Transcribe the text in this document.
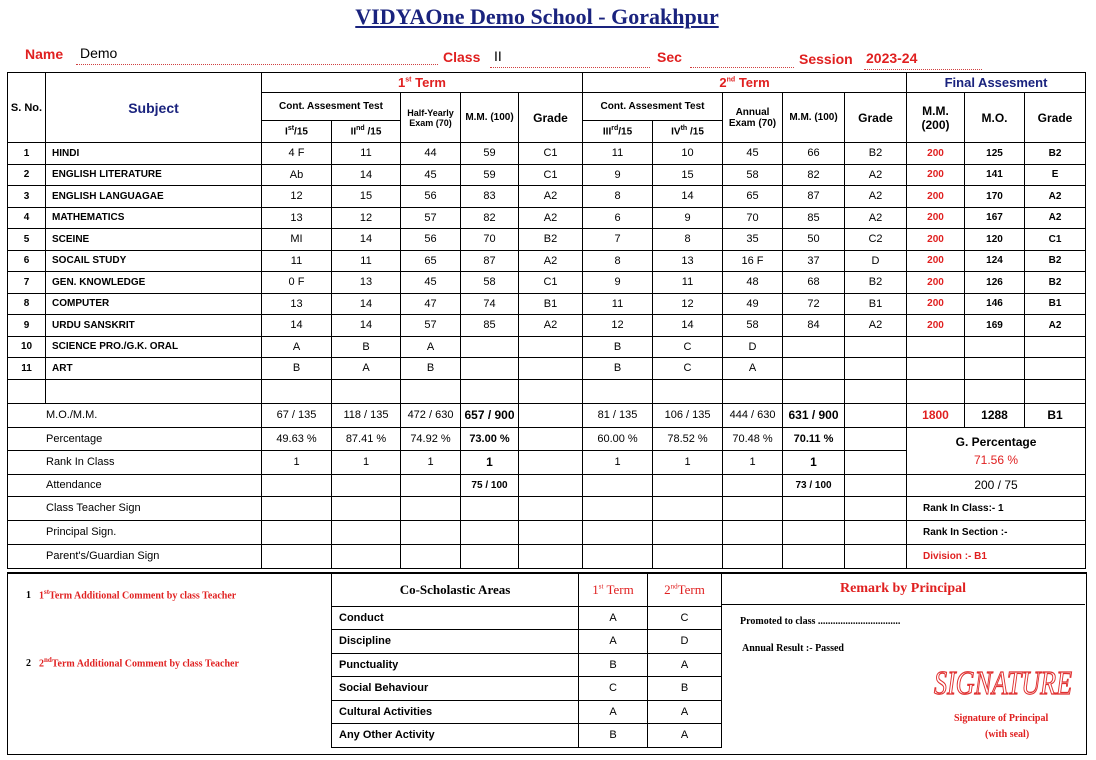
VIDYAOne Demo School - Gorakhpur
Name Demo	Class II	Sec	Session 2023-24
S. No.	Subject	1st Term					2nd Term					Final Assesment		
		Cont. Assesment Test		Half-Yearly Exam (70)	M.M. (100)	Grade	Cont. Assesment Test		Annual Exam (70)	M.M. (100)	Grade	M.M. (200)	M.O.	Grade
		Ist/15	IInd /15				IIIrd/15	IVth /15						
1	HINDI	4 F	11	44	59	C1	11	10	45	66	B2	200	125	B2
2	ENGLISH LITERATURE	Ab	14	45	59	C1	9	15	58	82	A2	200	141	E
3	ENGLISH LANGUAGAE	12	15	56	83	A2	8	14	65	87	A2	200	170	A2
4	MATHEMATICS	13	12	57	82	A2	6	9	70	85	A2	200	167	A2
5	SCEINE	MI	14	56	70	B2	7	8	35	50	C2	200	120	C1
6	SOCAIL STUDY	11	11	65	87	A2	8	13	16 F	37	D	200	124	B2
7	GEN. KNOWLEDGE	0 F	13	45	58	C1	9	11	48	68	B2	200	126	B2
8	COMPUTER	13	14	47	74	B1	11	12	49	72	B1	200	146	B1
9	URDU SANSKRIT	14	14	57	85	A2	12	14	58	84	A2	200	169	A2
10	SCIENCE PRO./G.K. ORAL	A	B	A			B	C	D					
11	ART	B	A	B			B	C	A					

M.O./M.M.		67 / 135	118 / 135	472 / 630	657 / 900		81 / 135	106 / 135	444 / 630	631 / 900		1800	1288	B1
Percentage		49.63 %	87.41 %	74.92 %	73.00 %		60.00 %	78.52 %	70.48 %	70.11 %		G. Percentage
71.56 %		

Rank In Class		1	1	1	1		1	1	1	1				
Attendance					75 / 100					73 / 100		200 / 75		
Class Teacher Sign												Rank In Class:- 1		
Principal Sign.												Rank In Section :-		
Parent's/Guardian Sign												Division :- B1		
1 1stTerm Additional Comment by class Teacher
2 2ndTerm Additional Comment by class Teacher
Co-Scholastic Areas	1st Term	2ndTerm
Conduct	A	C
Discipline	A	D
Punctuality	B	A
Social Behaviour	C	B
Cultural Activities	A	A
Any Other Activity	B	A
Remark by Principal
Promoted to class .................................
Annual Result :- Passed
SIGNATURE
Signature of Principal
(with seal)
